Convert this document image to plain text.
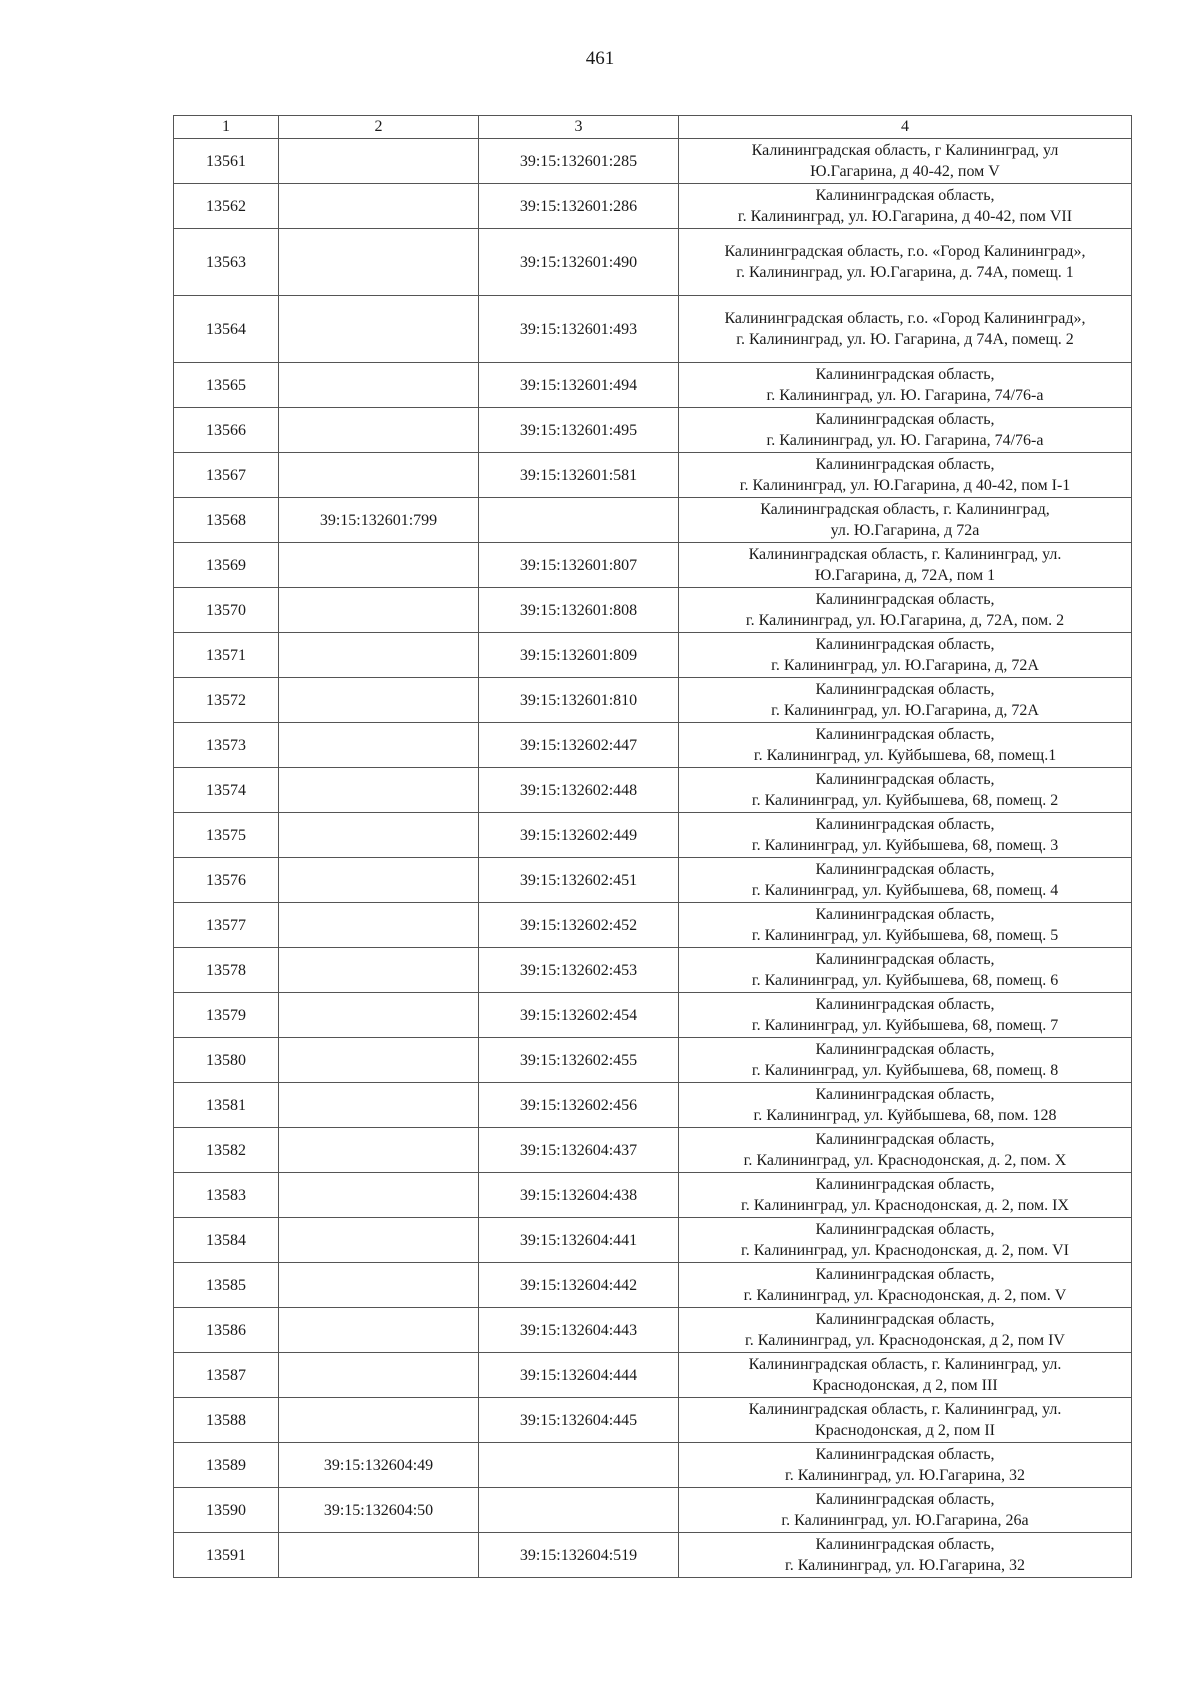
461
1	2	3	4
13561		39:15:132601:285	Калининградская область, г Калининград, ул
Ю.Гагарина, д 40-42, пом V

13562		39:15:132601:286	Калининградская область,
г. Калининград, ул. Ю.Гагарина, д 40-42, пом VII

13563		39:15:132601:490	Калининградская область, г.о. «Город Калининград»,
г. Калининград, ул. Ю.Гагарина, д. 74А, помещ. 1

13564		39:15:132601:493	Калининградская область, г.о. «Город Калининград»,
г. Калининград, ул. Ю. Гагарина, д 74А, помещ. 2

13565		39:15:132601:494	Калининградская область,
г. Калининград, ул. Ю. Гагарина, 74/76-а

13566		39:15:132601:495	Калининградская область,
г. Калининград, ул. Ю. Гагарина, 74/76-а

13567		39:15:132601:581	Калининградская область,
г. Калининград, ул. Ю.Гагарина, д 40-42, пом I-1

13568	39:15:132601:799		Калининградская область, г. Калининград,
ул. Ю.Гагарина, д 72а

13569		39:15:132601:807	Калининградская область, г. Калининград, ул.
Ю.Гагарина, д, 72А, пом 1

13570		39:15:132601:808	Калининградская область,
г. Калининград, ул. Ю.Гагарина, д, 72А, пом. 2

13571		39:15:132601:809	Калининградская область,
г. Калининград, ул. Ю.Гагарина, д, 72А

13572		39:15:132601:810	Калининградская область,
г. Калининград, ул. Ю.Гагарина, д, 72А

13573		39:15:132602:447	Калининградская область,
г. Калининград, ул. Куйбышева, 68, помещ.1

13574		39:15:132602:448	Калининградская область,
г. Калининград, ул. Куйбышева, 68, помещ. 2

13575		39:15:132602:449	Калининградская область,
г. Калининград, ул. Куйбышева, 68, помещ. 3

13576		39:15:132602:451	Калининградская область,
г. Калининград, ул. Куйбышева, 68, помещ. 4

13577		39:15:132602:452	Калининградская область,
г. Калининград, ул. Куйбышева, 68, помещ. 5

13578		39:15:132602:453	Калининградская область,
г. Калининград, ул. Куйбышева, 68, помещ. 6

13579		39:15:132602:454	Калининградская область,
г. Калининград, ул. Куйбышева, 68, помещ. 7

13580		39:15:132602:455	Калининградская область,
г. Калининград, ул. Куйбышева, 68, помещ. 8

13581		39:15:132602:456	Калининградская область,
г. Калининград, ул. Куйбышева, 68, пом. 128

13582		39:15:132604:437	Калининградская область,
г. Калининград, ул. Краснодонская, д. 2, пом. X

13583		39:15:132604:438	Калининградская область,
г. Калининград, ул. Краснодонская, д. 2, пом. IX

13584		39:15:132604:441	Калининградская область,
г. Калининград, ул. Краснодонская, д. 2, пом. VI

13585		39:15:132604:442	Калининградская область,
г. Калининград, ул. Краснодонская, д. 2, пом. V

13586		39:15:132604:443	Калининградская область,
г. Калининград, ул. Краснодонская, д 2, пом IV

13587		39:15:132604:444	Калининградская область, г. Калининград, ул.
Краснодонская, д 2, пом III

13588		39:15:132604:445	Калининградская область, г. Калининград, ул.
Краснодонская, д 2, пом II

13589	39:15:132604:49		Калининградская область,
г. Калининград, ул. Ю.Гагарина, 32

13590	39:15:132604:50		Калининградская область,
г. Калининград, ул. Ю.Гагарина, 26а

13591		39:15:132604:519	Калининградская область,
г. Калининград, ул. Ю.Гагарина, 32
